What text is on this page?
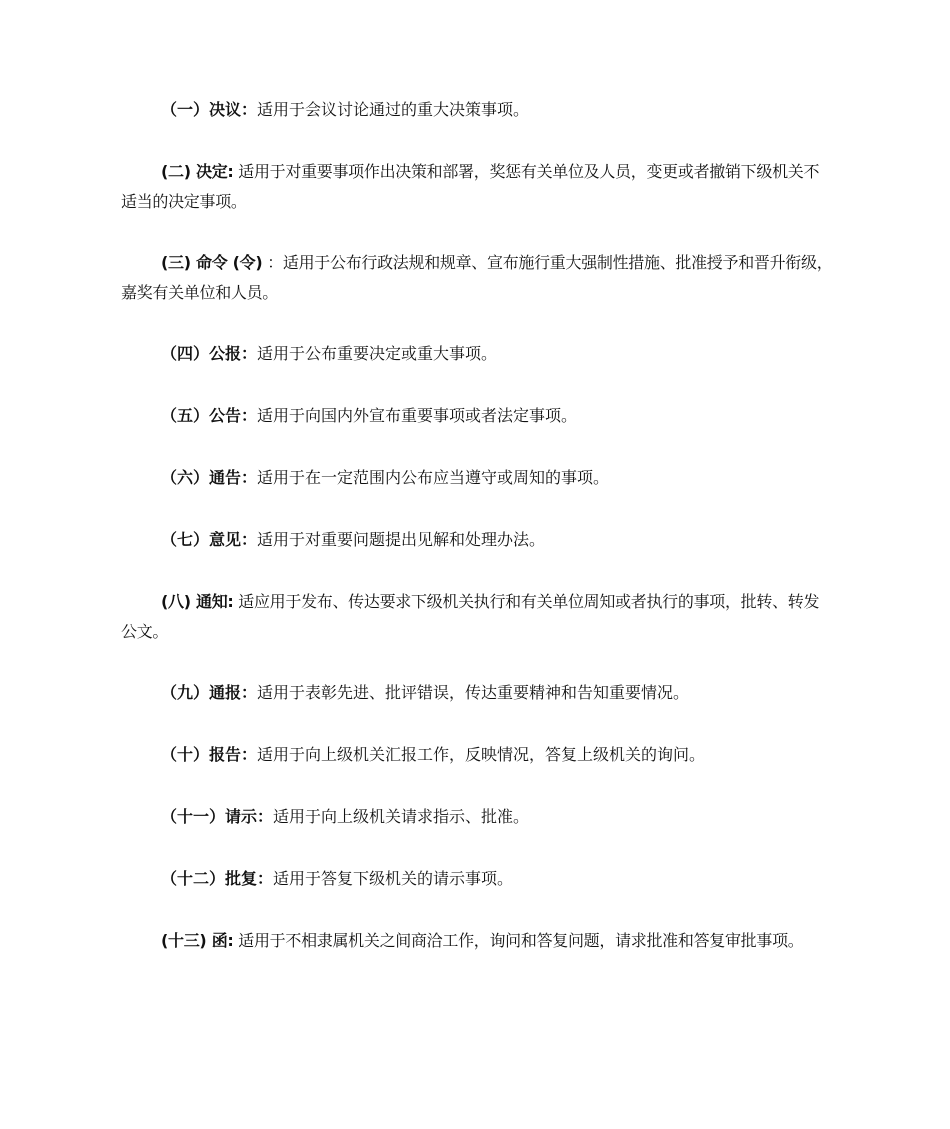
（一）决议：适用于会议讨论通过的重大决策事项。

(二) 决定: 适用于对重要事项作出决策和部署，奖惩有关单位及人员，变更或者撤销下级机关不适当的决定事项。

(三) 命令 (令) ：适用于公布行政法规和规章、宣布施行重大强制性措施、批准授予和晋升衔级，嘉奖有关单位和人员。

（四）公报：适用于公布重要决定或重大事项。

（五）公告：适用于向国内外宣布重要事项或者法定事项。

（六）通告：适用于在一定范围内公布应当遵守或周知的事项。

（七）意见：适用于对重要问题提出见解和处理办法。

(八) 通知: 适应用于发布、传达要求下级机关执行和有关单位周知或者执行的事项，批转、转发公文。

（九）通报：适用于表彰先进、批评错误，传达重要精神和告知重要情况。

（十）报告：适用于向上级机关汇报工作，反映情况，答复上级机关的询问。

（十一）请示：适用于向上级机关请求指示、批准。

（十二）批复：适用于答复下级机关的请示事项。

(十三) 函: 适用于不相隶属机关之间商洽工作，询问和答复问题，请求批准和答复审批事项。
